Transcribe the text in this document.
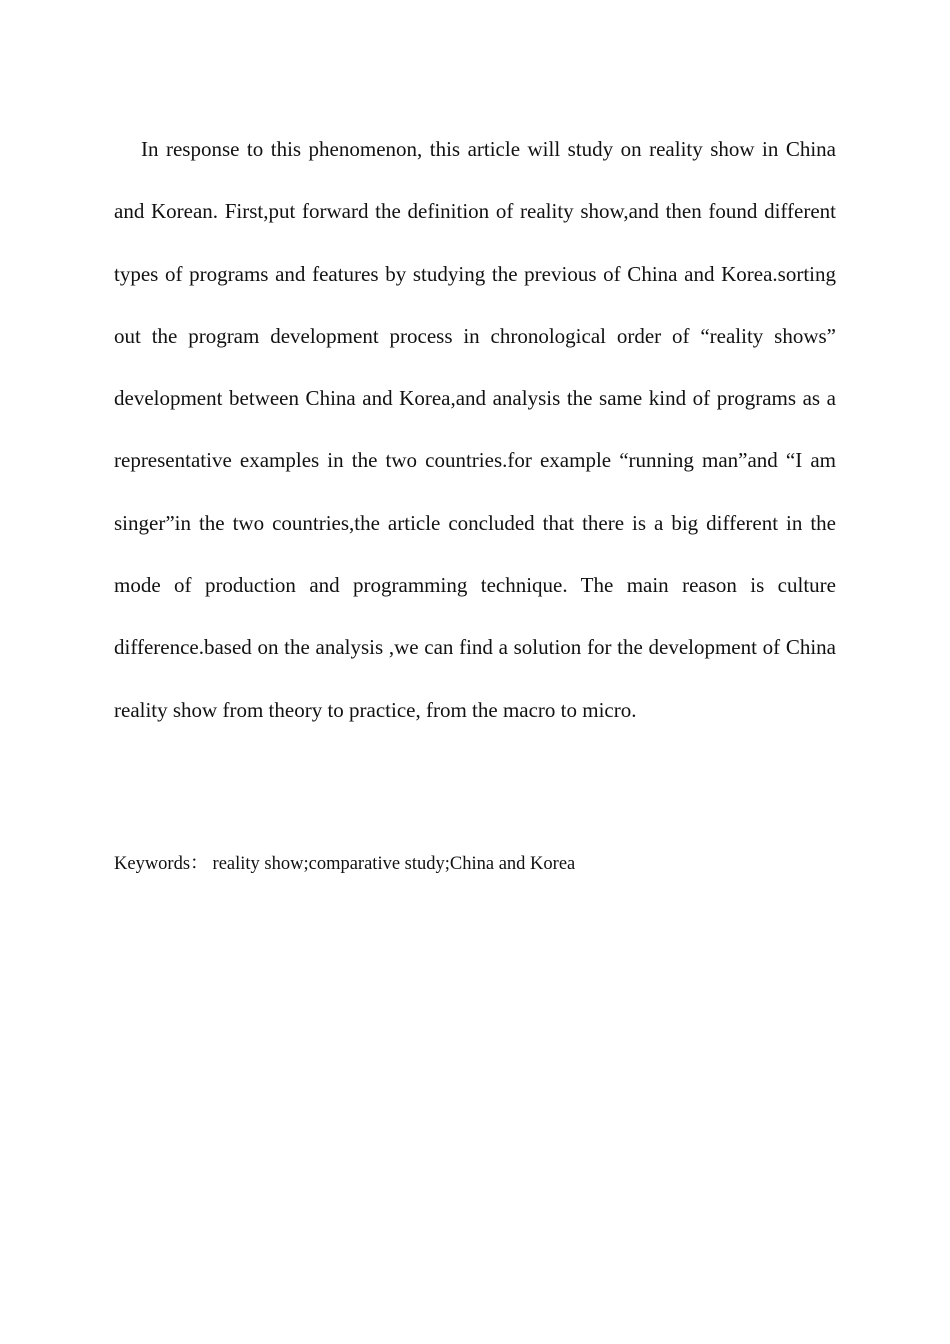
In response to this phenomenon, this article will study on reality show in China and Korean. First,put forward the definition of reality show,and then found different types of programs and features by studying the previous of China and Korea.sorting out the program development process in chronological order of “reality shows” development between China and Korea,and analysis the same kind of programs as a representative examples in the two countries.for example “running man”and “I am singer”in the two countries,the article concluded that there is a big different in the mode of production and programming technique. The main reason is culture difference.based on the analysis ,we can find a solution for the development of China reality show from theory to practice, from the macro to micro.

Keywords： reality show;comparative study;China and Korea
